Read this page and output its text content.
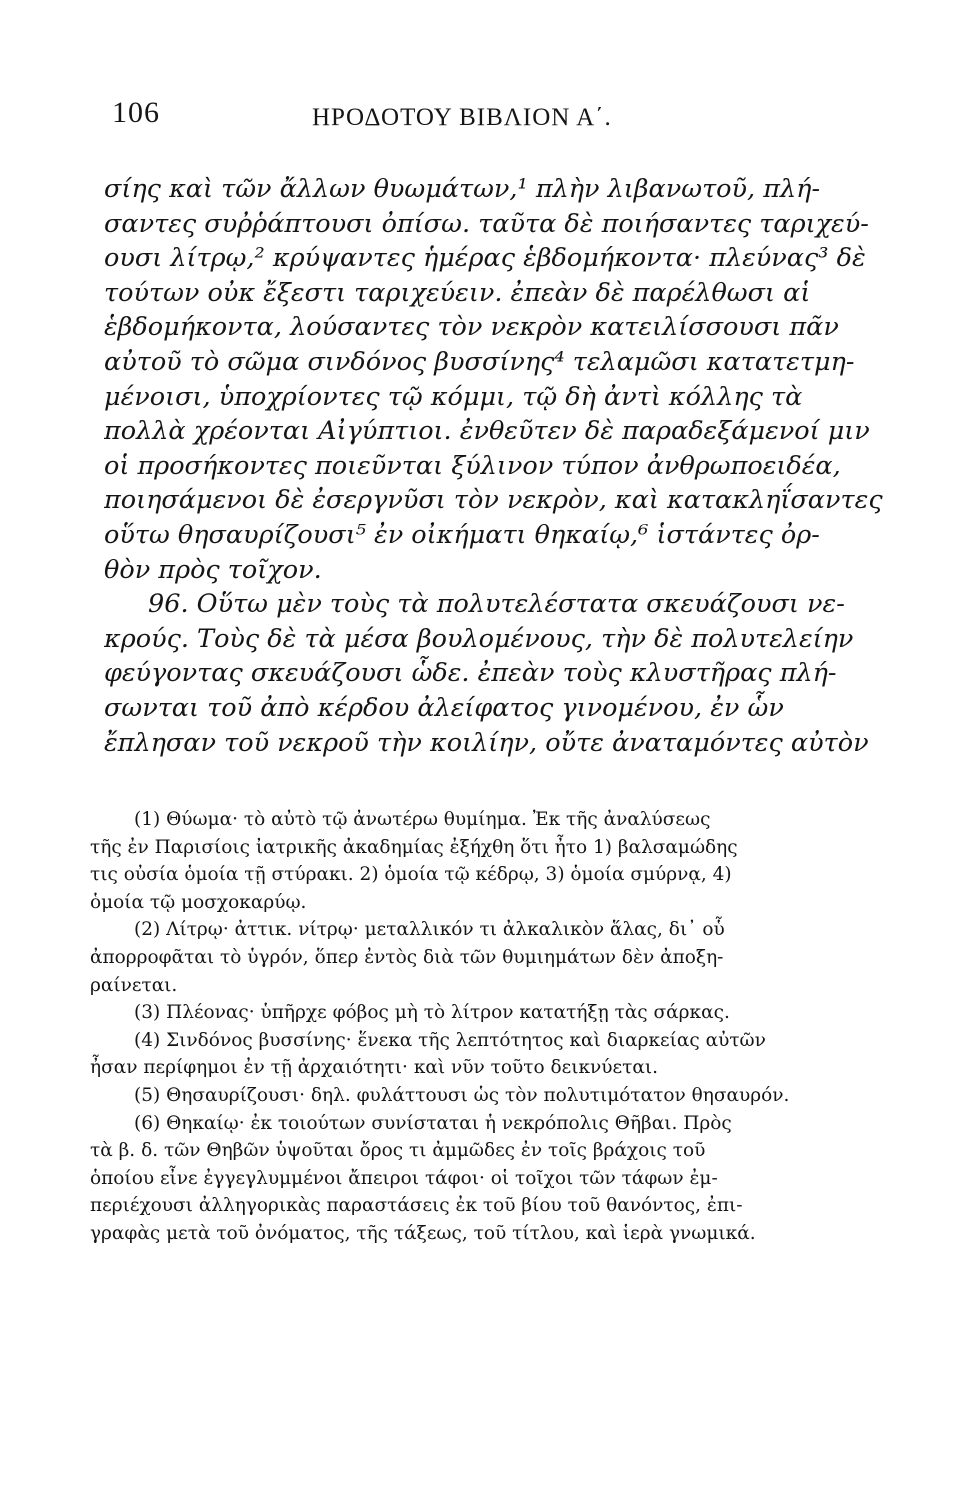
106	ΗΡΟΔΟΤΟΥ ΒΙΒΛΙΟΝ Α΄.
σίης καὶ τῶν ἄλλων θυωμάτων,¹ πλὴν λιβανωτοῦ, πλή-
σαντες συῤῥάπτουσι ὀπίσω. ταῦτα δὲ ποιήσαντες ταριχεύ-
ουσι λίτρῳ,² κρύψαντες ἡμέρας ἑβδομήκοντα· πλεύνας³ δὲ
τούτων οὐκ ἔξεστι ταριχεύειν. ἐπεὰν δὲ παρέλθωσι αἱ
ἑβδομήκοντα, λούσαντες τὸν νεκρὸν κατειλίσσουσι πᾶν
αὐτοῦ τὸ σῶμα σινδόνος βυσσίνης⁴ τελαμῶσι κατατετμη-
μένοισι, ὑποχρίοντες τῷ κόμμι, τῷ δὴ ἀντὶ κόλλης τὰ
πολλὰ χρέονται Αἰγύπτιοι. ἐνθεῦτεν δὲ παραδεξάμενοί μιν
οἱ προσήκοντες ποιεῦνται ξύλινον τύπον ἀνθρωποειδέα,
ποιησάμενοι δὲ ἐσεργνῦσι τὸν νεκρὸν, καὶ κατακληΐσαντες
οὕτω θησαυρίζουσι⁵ ἐν οἰκήματι θηκαίῳ,⁶ ἱστάντες ὀρ-
θὸν πρὸς τοῖχον.
96. Οὕτω μὲν τοὺς τὰ πολυτελέστατα σκευάζουσι νε-
κρούς. Τοὺς δὲ τὰ μέσα βουλομένους, τὴν δὲ πολυτελείην
φεύγοντας σκευάζουσι ὧδε. ἐπεὰν τοὺς κλυστῆρας πλή-
σωνται τοῦ ἀπὸ κέρδου ἀλείφατος γινομένου, ἐν ὧν
ἔπλησαν τοῦ νεκροῦ τὴν κοιλίην, οὔτε ἀναταμόντες αὐτὸν
(1) Θύωμα· τὸ αὐτὸ τῷ ἀνωτέρω θυμίημα. Ἐκ τῆς ἀναλύσεως
τῆς ἐν Παρισίοις ἰατρικῆς ἀκαδημίας ἐξήχθη ὅτι ἦτο 1) βαλσαμώδης
τις οὐσία ὁμοία τῇ στύρακι. 2) ὁμοία τῷ κέδρῳ, 3) ὁμοία σμύρνᾳ, 4)
ὁμοία τῷ μοσχοκαρύῳ.
(2) Λίτρῳ· ἀττικ. νίτρῳ· μεταλλικόν τι ἀλκαλικὸν ἅλας, δι᾽ οὗ
ἀπορροφᾶται τὸ ὑγρόν, ὅπερ ἐντὸς διὰ τῶν θυμιημάτων δὲν ἀποξη-
ραίνεται.
(3) Πλέονας· ὑπῆρχε φόβος μὴ τὸ λίτρον κατατήξῃ τὰς σάρκας.
(4) Σινδόνος βυσσίνης· ἕνεκα τῆς λεπτότητος καὶ διαρκείας αὐτῶν
ἦσαν περίφημοι ἐν τῇ ἀρχαιότητι· καὶ νῦν τοῦτο δεικνύεται.
(5) Θησαυρίζουσι· δηλ. φυλάττουσι ὡς τὸν πολυτιμότατον θησαυρόν.
(6) Θηκαίῳ· ἐκ τοιούτων συνίσταται ἡ νεκρόπολις Θῆβαι. Πρὸς
τὰ β. δ. τῶν Θηβῶν ὑψοῦται ὄρος τι ἀμμῶδες ἐν τοῖς βράχοις τοῦ
ὁποίου εἶνε ἐγγεγλυμμένοι ἄπειροι τάφοι· οἱ τοῖχοι τῶν τάφων ἐμ-
περιέχουσι ἀλληγορικὰς παραστάσεις ἐκ τοῦ βίου τοῦ θανόντος, ἐπι-
γραφὰς μετὰ τοῦ ὀνόματος, τῆς τάξεως, τοῦ τίτλου, καὶ ἱερὰ γνωμικά.
